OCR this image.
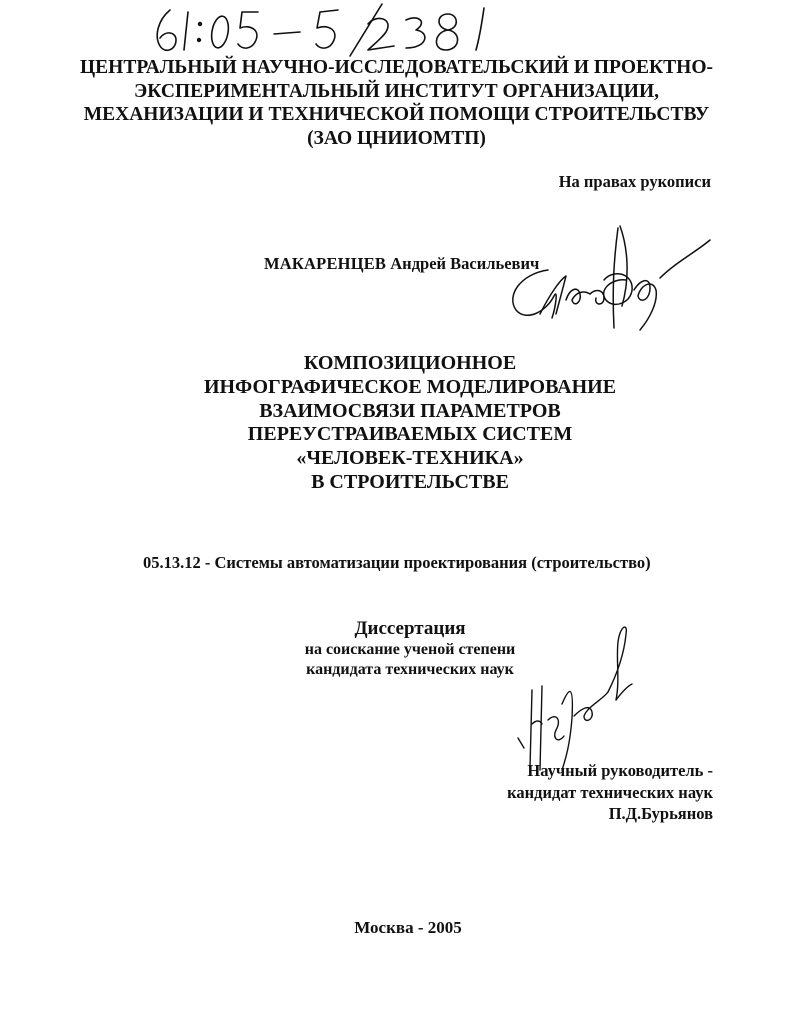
61:05-5/2381
ЦЕНТРАЛЬНЫЙ НАУЧНО-ИССЛЕДОВАТЕЛЬСКИЙ И ПРОЕКТНО-
ЭКСПЕРИМЕНТАЛЬНЫЙ ИНСТИТУТ ОРГАНИЗАЦИИ,
МЕХАНИЗАЦИИ И ТЕХНИЧЕСКОЙ ПОМОЩИ СТРОИТЕЛЬСТВУ
(ЗАО ЦНИИОМТП)
На правах рукописи
МАКАРЕНЦЕВ Андрей Васильевич
КОМПОЗИЦИОННОЕ
ИНФОГРАФИЧЕСКОЕ МОДЕЛИРОВАНИЕ
ВЗАИМОСВЯЗИ ПАРАМЕТРОВ
ПЕРЕУСТРАИВАЕМЫХ СИСТЕМ
«ЧЕЛОВЕК-ТЕХНИКА»
В СТРОИТЕЛЬСТВЕ
05.13.12 - Системы автоматизации проектирования (строительство)
Диссертация
на соискание ученой степени
кандидата технических наук
Научный руководитель -
кандидат технических наук
П.Д.Бурьянов
Москва - 2005
